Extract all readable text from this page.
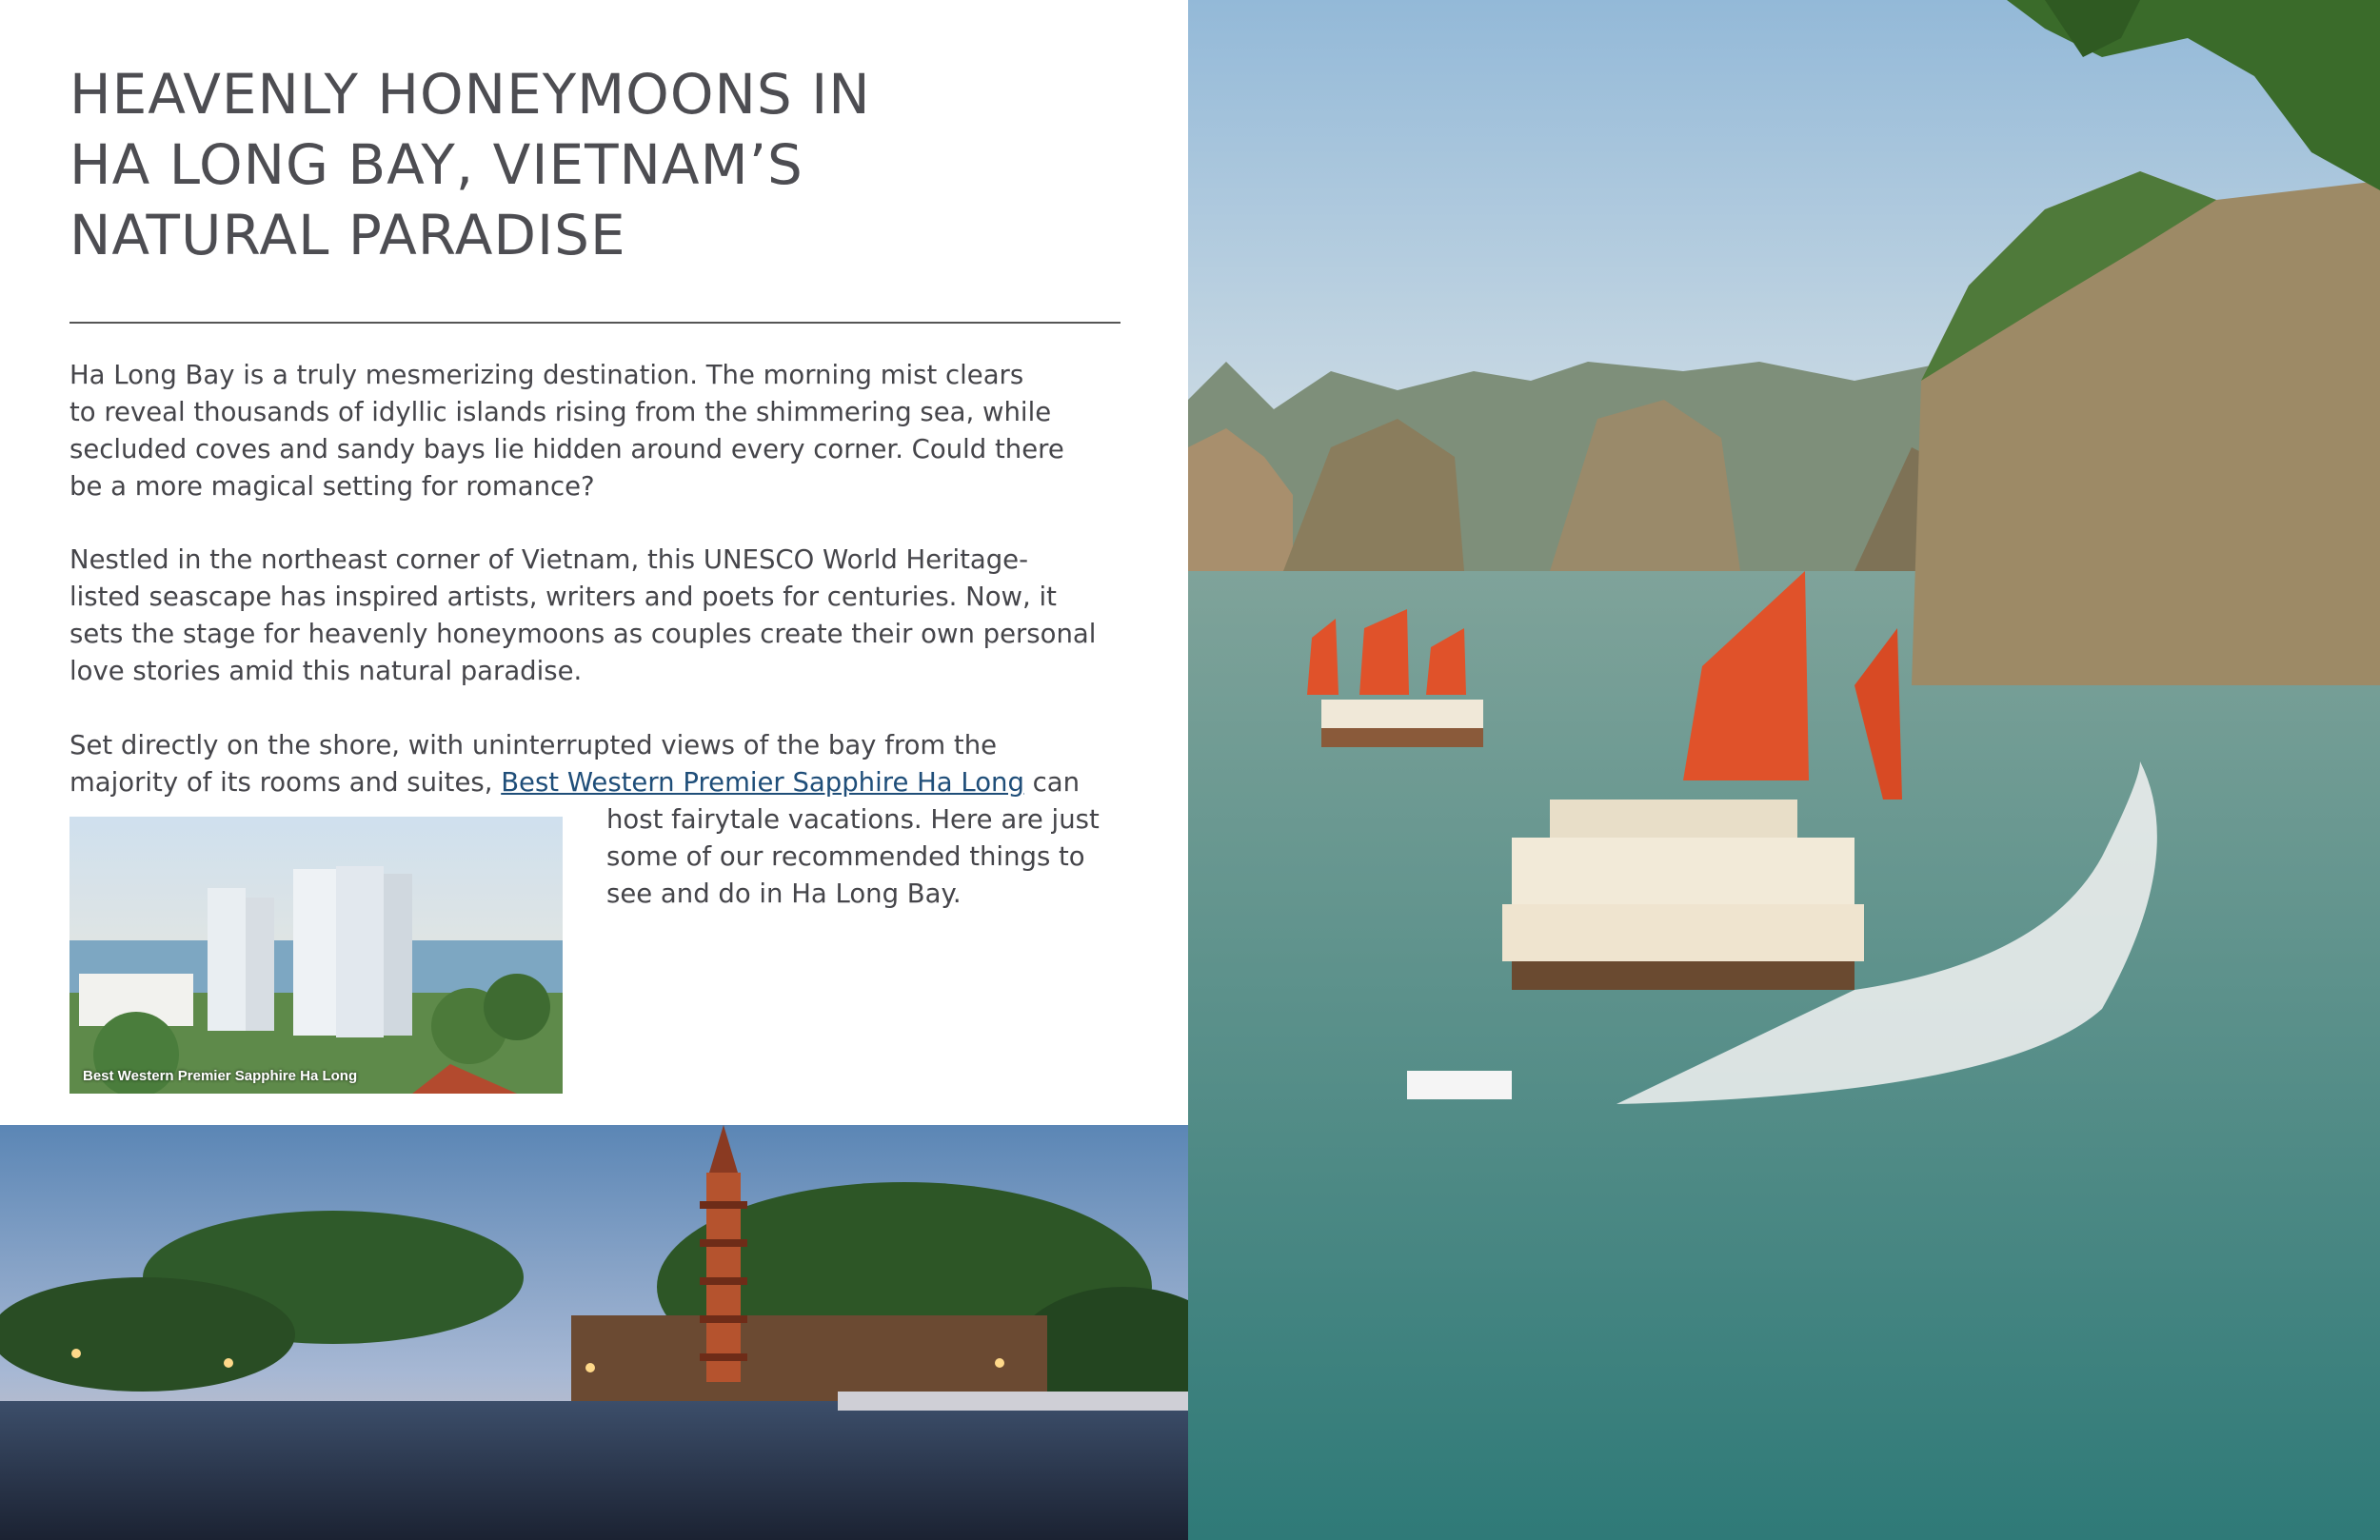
HEAVENLY HONEYMOONS IN
HA LONG BAY, VIETNAM’S
NATURAL PARADISE

Ha Long Bay is a truly mesmerizing destination. The morning mist clears
to reveal thousands of idyllic islands rising from the shimmering sea, while
secluded coves and sandy bays lie hidden around every corner. Could there
be a more magical setting for romance?

Nestled in the northeast corner of Vietnam, this UNESCO World Heritage-
listed seascape has inspired artists, writers and poets for centuries. Now, it
sets the stage for heavenly honeymoons as couples create their own personal
love stories amid this natural paradise.

Set directly on the shore, with uninterrupted views of the bay from the
majority of its rooms and suites, Best Western Premier Sapphire Ha Long can

host fairytale vacations. Here are just
some of our recommended things to
see and do in Ha Long Bay.

Best Western Premier Sapphire Ha Long
